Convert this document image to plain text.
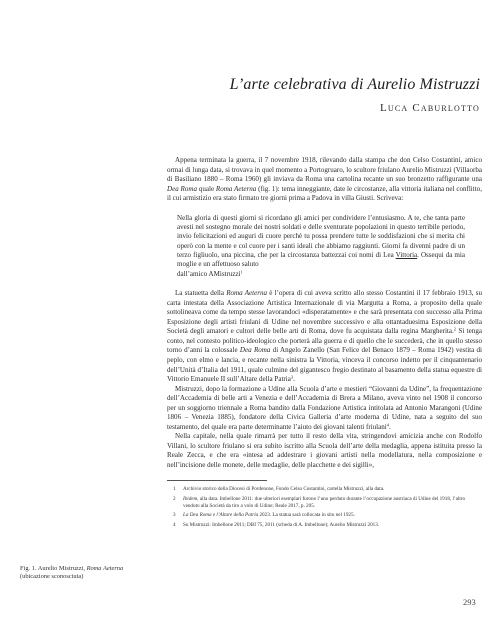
L’arte celebrativa di Aurelio Mistruzzi
Luca Caburlotto

Appena terminata la guerra, il 7 novembre 1918, rilevando dalla stampa che don Celso Costantini, amico ormai di lunga data, si trovava in quel momento a Portogruaro, lo scultore friulano Aurelio Mistruzzi (Villaorba di Basiliano 1880 – Roma 1960) gli inviava da Roma una cartolina recante un suo bronzetto raffigurante una Dea Roma quale Roma Aeterna (fig. 1): tema inneggiante, date le circostanze, alla vittoria italiana nel conflitto, il cui armistizio era stato firmato tre giorni prima a Padova in villa Giusti. Scriveva:

Nella gloria di questi giorni si ricordano gli amici per condividere l’entusiasmo. A te, che tanta parte avesti nel sostegno morale dei nostri soldati e delle sventurate popolazioni in questo terribile periodo, invio felicitazioni ed auguri di cuore perchè tu possa prendere tutte le soddisfazioni che si merita chi operò con la mente e col cuore per i santi ideali che abbiamo raggiunti. Giorni fa divenni padre di un terzo figliuolo, una piccina, che per la circostanza battezzai coi nomi di Lea Vittoria. Ossequi da mia moglie e un affettuoso saluto
dall’amico AMistruzzi$^1$

La statuetta della Roma Aeterna è l’opera di cui aveva scritto allo stesso Costantini il 17 febbraio 1913, su carta intestata della Associazione Artistica Internazionale di via Margutta a Roma, a proposito della quale sottolineava come da tempo stesse lavorandoci «disperatamente» e che sarà presentata con successo alla Prima Esposizione degli artisti friulani di Udine nel novembre successivo e alla ottantaduesima Esposizione della Società degli amatori e cultori delle belle arti di Roma, dove fu acquistata dalla regina Margherita.$^2$ Si tenga conto, nel contesto politico-ideologico che porterà alla guerra e di quello che le succederà, che in quello stesso torno d’anni la colossale Dea Roma di Angelo Zanello (San Felice del Benaco 1879 – Roma 1942) vestita di peplo, con elmo e lancia, e recante nella sinistra la Vittoria, vinceva il concorso indetto per il cinquantenario dell’Unità d’Italia del 1911, quale culmine del gigantesco fregio destinato al basamento della statua equestre di Vittorio Emanuele II sull’Altare della Patria$^3$.

Mistruzzi, dopo la formazione a Udine alla Scuola d’arte e mestieri “Giovanni da Udine”, la frequentazione dell’Accademia di belle arti a Venezia e dell’Accademia di Brera a Milano, aveva vinto nel 1908 il concorso per un soggiorno triennale a Roma bandito dalla Fondazione Artistica intitolata ad Antonio Marangoni (Udine 1806 – Venezia 1885), fondatore della Civica Galleria d’arte moderna di Udine, nata a seguito del suo testamento, del quale era parte determinante l’aiuto dei giovani talenti friulani$^4$.

Nella capitale, nella quale rimarrà per tutto il resto della vita, stringendovi amicizia anche con Rodolfo Villani, lo scultore friulano si era subito iscritto alla Scuola dell’arte della medaglia, appena istituita presso la Reale Zecca, e che era «intesa ad addestrare i giovani artisti nella modellatura, nella composizione e nell’incisione delle monete, delle medaglie, delle placchette e dei sigilli»,

1 Archivio storico della Diocesi di Pordenone, Fondo Celso Costantini, cartella Mistruzzi, alla data.
2 Ibidem, alla data. Imbellone 2011: due ulteriori esemplari furono l’uno perduto durante l’occupazione austriaca di Udine del 1918, l’altro venduto alla Società da tiro a volo di Udine; Reale 2017, p. 205.
3 La Dea Roma e l’Altare della Patria 2023. La statua sarà collocata in situ nel 1925.
4 Su Mistruzzi: Imbellone 2011; DBI 75, 2011 (scheda di A. Imbellone); Aurelio Mistruzzi 2013.
Fig. 1. Aurelio Mistruzzi, Roma Aeterna
(ubicazione sconosciuta)
293
